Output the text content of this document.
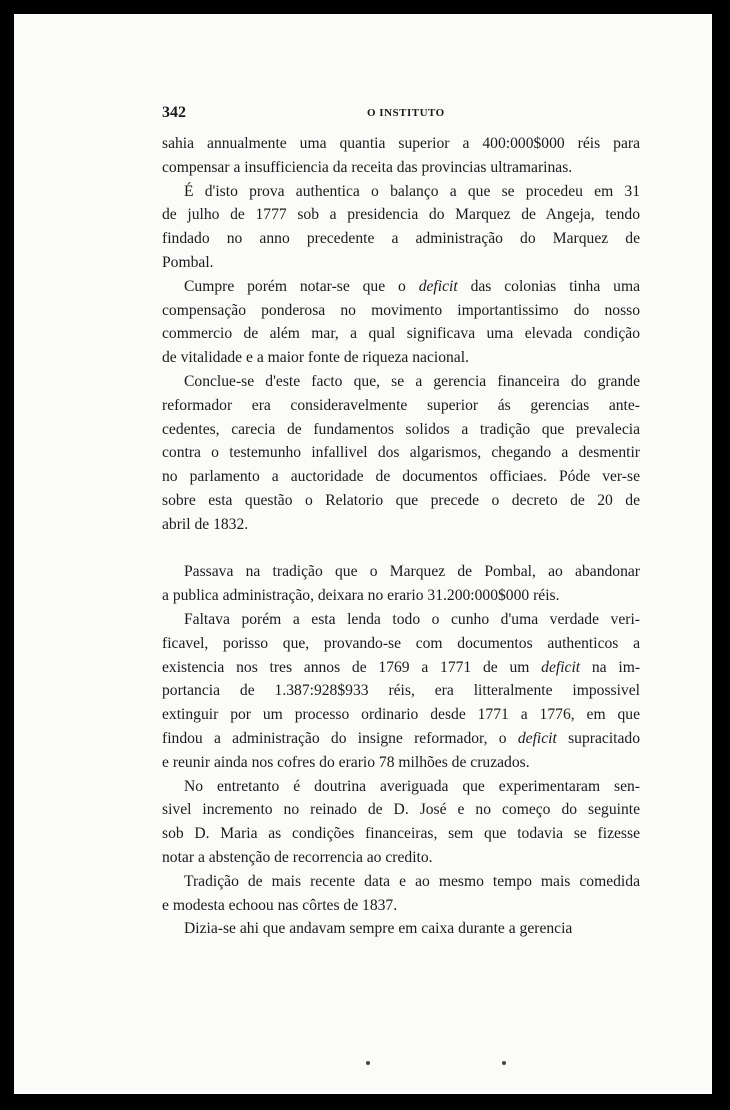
342	O INSTITUTO
sahia annualmente uma quantia superior a 400:000$000 réis para
compensar a insufficiencia da receita das provincias ultramarinas.
É d'isto prova authentica o balanço a que se procedeu em 31
de julho de 1777 sob a presidencia do Marquez de Angeja, tendo
findado no anno precedente a administração do Marquez de
Pombal.
Cumpre porém notar-se que o deficit das colonias tinha uma
compensação ponderosa no movimento importantissimo do nosso
commercio de além mar, a qual significava uma elevada condição
de vitalidade e a maior fonte de riqueza nacional.
Conclue-se d'este facto que, se a gerencia financeira do grande
reformador era consideravelmente superior ás gerencias ante-
cedentes, carecia de fundamentos solidos a tradição que prevalecia
contra o testemunho infallivel dos algarismos, chegando a desmentir
no parlamento a auctoridade de documentos officiaes. Póde ver-se
sobre esta questão o Relatorio que precede o decreto de 20 de
abril de 1832.
Passava na tradição que o Marquez de Pombal, ao abandonar
a publica administração, deixara no erario 31.200:000$000 réis.
Faltava porém a esta lenda todo o cunho d'uma verdade veri-
ficavel, porisso que, provando-se com documentos authenticos a
existencia nos tres annos de 1769 a 1771 de um deficit na im-
portancia de 1.387:928$933 réis, era litteralmente impossivel
extinguir por um processo ordinario desde 1771 a 1776, em que
findou a administração do insigne reformador, o deficit supracitado
e reunir ainda nos cofres do erario 78 milhões de cruzados.
No entretanto é doutrina averiguada que experimentaram sen-
sivel incremento no reinado de D. José e no começo do seguinte
sob D. Maria as condições financeiras, sem que todavia se fizesse
notar a abstenção de recorrencia ao credito.
Tradição de mais recente data e ao mesmo tempo mais comedida
e modesta echoou nas côrtes de 1837.
Dizia-se ahi que andavam sempre em caixa durante a gerencia
